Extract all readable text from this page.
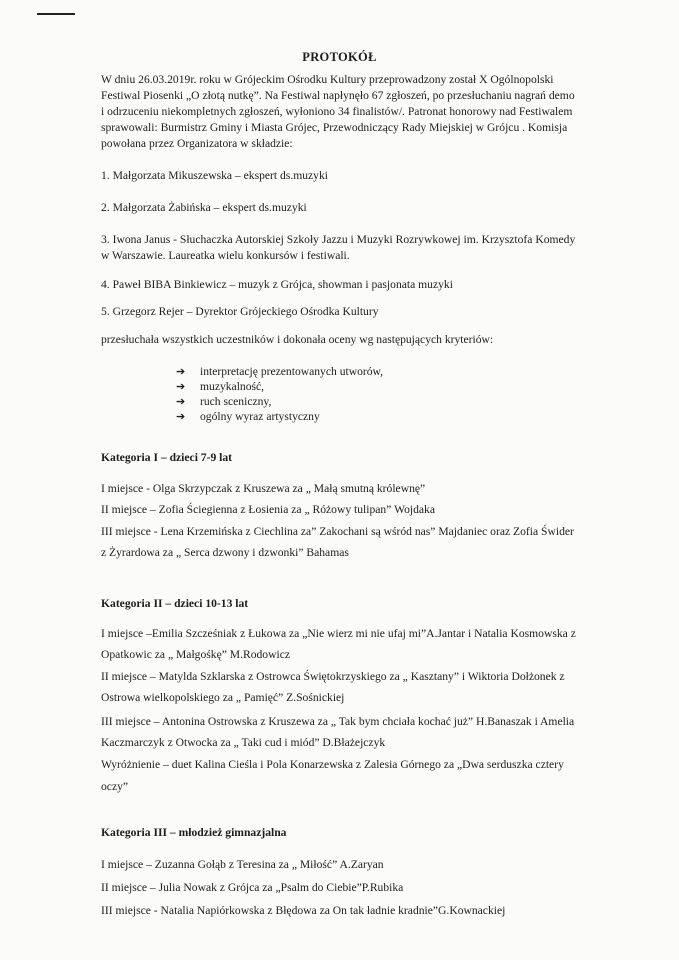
PROTOKÓŁ
W dniu 26.03.2019r. roku w Grójeckim Ośrodku Kultury przeprowadzony został X Ogólnopolski
Festiwal Piosenki „O złotą nutkę”. Na Festiwal napłynęło 67 zgłoszeń, po przesłuchaniu nagrań demo
i odrzuceniu niekompletnych zgłoszeń, wyłoniono 34 finalistów/. Patronat honorowy nad Festiwalem
sprawowali: Burmistrz Gminy i Miasta Grójec, Przewodniczący Rady Miejskiej w Grójcu . Komisja
powołana przez Organizatora w składzie:
1. Małgorzata Mikuszewska – ekspert ds.muzyki
2. Małgorzata Żabińska – ekspert ds.muzyki
3. Iwona Janus - Słuchaczka Autorskiej Szkoły Jazzu i Muzyki Rozrywkowej im. Krzysztofa Komedy
w Warszawie. Laureatka wielu konkursów i festiwali.
4. Paweł BIBA Binkiewicz – muzyk z Grójca, showman i pasjonata muzyki
5. Grzegorz Rejer – Dyrektor Grójeckiego Ośrodka Kultury
przesłuchała wszystkich uczestników i dokonała oceny wg następujących kryteriów:
➔ interpretację prezentowanych utworów,
➔ muzykalność,
➔ ruch sceniczny,
➔ ogólny wyraz artystyczny
Kategoria I – dzieci 7-9 lat
I miejsce - Olga Skrzypczak z Kruszewa za „ Małą smutną królewnę”
II miejsce – Zofia Ściegienna z Łosienia za „ Różowy tulipan” Wojdaka
III miejsce - Lena Krzemińska z Ciechlina za” Zakochani są wśród nas” Majdaniec oraz Zofia Świder
z Żyrardowa za „ Serca dzwony i dzwonki” Bahamas
Kategoria II – dzieci 10-13 lat
I miejsce –Emilia Szcześniak z Łukowa za „Nie wierz mi nie ufaj mi”A.Jantar i Natalia Kosmowska z
Opatkowic za „ Małgośkę” M.Rodowicz
II miejsce – Matylda Szklarska z Ostrowca Świętokrzyskiego za „ Kasztany” i Wiktoria Dołżonek z
Ostrowa wielkopolskiego za „ Pamięć” Z.Sośnickiej
III miejsce – Antonina Ostrowska z Kruszewa za „ Tak bym chciała kochać już” H.Banaszak i Amelia
Kaczmarczyk z Otwocka za „ Taki cud i miód” D.Błażejczyk
Wyróżnienie – duet Kalina Cieśla i Pola Konarzewska z Zalesia Górnego za „Dwa serduszka cztery
oczy”
Kategoria III – młodzież gimnazjalna
I miejsce – Zuzanna Gołąb z Teresina za „ Miłość” A.Zaryan
II miejsce – Julia Nowak z Grójca za „Psalm do Ciebie”P.Rubika
III miejsce - Natalia Napiórkowska z Błędowa za On tak ładnie kradnie”G.Kownackiej
